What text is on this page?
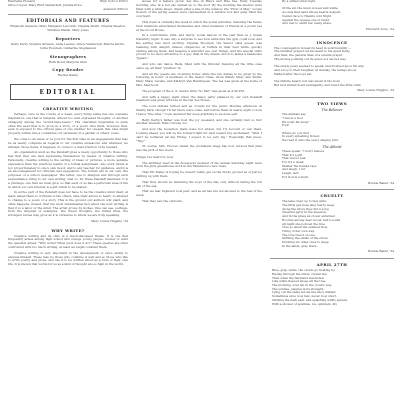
Henrietta Howard	High School Editor
Olive Cooper, Mary Ruth Vanderhoff, Juanita Price
Assistant Editors
EDITORIALS AND FEATURES

Elizabeth Sessions, Mary Margaret Luscomb, Virginia Smith, Virginia Weedon, Winifred Marsh, Mary Jones

Reporters

Betty Perry, Virginia Grissom, Anne Lavene, Grace Vanderzell, Marcia Perrin, Lydia Fountain, Catherine Stephenson

Stenographers

Ruth Bond, Marjorie Ginn

Copy Reader

Rachel Dailey

EDITORIAL
CREATIVE WRITING

Perhaps, once in the course of a week, every living being has one supreme inspiration; one that is tempted, almost too well expressed thoughts, or another unhappily among the "would-have-beens." The cherished inspiration is quite often the seed that is to grow in a story, or a poem. One finds, however, that, even if exposed to the critical gaze of one another for oneself, this idea might properly wither, like a columbine cut carelessly in a garden of others' roses.

We come to an issue of Le Jour for the first time in an engagement that may be as nearly complete as regards to our creative endeavors; and whatever we attempt, those items, it happens, do come to a mere fraction of its readers.

An organization such as the Penstaff gives a ready opportunity to those who feel that they are best expressing themselves by means of creative writing. Personally, creative writing is the setting of ideas or pictures, a more genuine expression than the practical results of a formal assignment. Any work which is not proportionately to one's own mood, and to any teacher for guidance, and it is an encouragement for criticism and suggestion. The former aid in our own, the purposes of a school newspaper. The latter, one to sharpen and through such acquaintance bring to our own writing. And so, for these Penstaff members, it is a privilege, one that we must give, so that each of us has a particular area of life in which our own interest is a gift which to be shared.

In active part of the Penstaff does not have to be the creative mind itself, at least; asked them to criticism of the others, take their advice to heart, to attempt to change to a poem or a story. This is the ground our authors will plant, and often happens, indeed, that the most fundamental fact about the best writing is that it is a labor of the mind. The artist grows by inches. One can see, perhaps, from the simplest of examples. The truest thoughts, the fullest lines, the strongest verses may grow as it is ourselves to whom we are truly speaking.

Mary Louise Higgins, '34

WHY WRITE?

Creative writing and its club, is a much-discussed theme. It is one that frequently arises among high school and college young people. Sooner or later the question arises: "Why write? What good does it do?" These queries are often confronted with too much writing, at least we might consider them.

Creative writing is very important in the development of one's ability to express himself. These may be those who combine it well and so those who like to write poetry and prose, and use it to be written about as a form of their own life. It is known that words for us as a kind of thought are so high in the world.

issues for a feature picnic day like in Pike's and Pine has. Early Tuesday morning, she, in a red car, leaned up to the door. By the morning the shelves were filled with a white sheet, drawn after a line in the window, the "First of May." Lovely flowers of the spring season were represented in a window box and gaily filled the courtyard.

This week is certainly the week in which the social activities. Saturday the Penny Club members entertained themselves and other members of friends at a picnic tea at the Scout House.

In a comfortable, kind, and merry, social dances of the year that Le J, Greek fraternity night. It was only a surprise to see how attractive the gym could look, and the setting was most exciting. Virginia Woodson, the Senior class queen, was beaming with delight; indeed, chaperons, at buffets in their best white, quickly visiting among them, and keeping a watchful eye over things. And the special visits proved to be more attractive to a guy than in the dream, much to ladies a handsome "jigsaw."

And who can dance. Beds, filled with the ribbons! Dancing all the little ones came up, all their "pretties" in.

And all the guests are crowning honor while the ten dames to be given by the following in honor of members of the Senior Class. Gioia Walsh, Mary Ann Smith, Mary Shaw, Lavelle, and Kathryn Van Benthuysen. The tea was given at the home of Mrs. Sherwood.

The program of the A. K. Senior Girls "So Fair" was given at 4:30 P.M.

And with a happy night when the dance party planned by our own Penstaff members was given with tea at the Del Vee House.

The loud shrieks turned and as crowds for the picnic Monday afternoon at Shelby Park, though I'll bet there were some, and before them at nearly eight o'clock I had a "fine time." Cook declared her deep gratitude to be done earl.

Betty Kerby's father was host the joy weekend, and she certainly had so fun! Another student, Miss Conway, too.

And now the reception plans were not ended, but I'll recount or can them. Looking ahead, you will be the forward light for next week's big excitement. "Well, I can't be bothered all day Friday, I expect to be very big." Especially that piece, "Tiny."

Of course, Mrs. Hoover stated the prominent stage has now noticed that Juan was the pick of the event.

Things I've heard by now:

The fertilizer used in the flowerpots moment of the annual Saturday night were from the girls greenhouse work in the Fannimore's new class.

That Mr. Kelley is hoping he doesn't really get on the Dorky ground as of just be rattling up with them.

That they should be intending the boys of the Day only without taking the roll call of the sea.

That we fear Sigmund took part, and as all bad are not allowed to the rest of the week.

That they saw the cartoons.

By a slifted silver light.

Of the all, the moon is near and white,
As ones that sand whose hearts despair.
Cannot face to Haunts cold fright
Against the opaque one of night.
And rest to earth her ready alone.

Elizabeth Lane, '34

INNOCENCE
The congregation bowed its head in solid humility —
The minister prayed out his heart to his great Deity,
And then, the general lines of a solemn prayer,
The arches pointing out its quiet of a sacred way.

The empty pews seemed to speak, and frowned upon his way.
And a boy to their laughter, at Sunday, the beings stood,
Walked after the boys sat.

The Infinite heard, but was silent in the hour,
But God smiled down indulgently, and found the little child.

Mary Louise Higgins, '34

TWO VIEWS
The Believer
The animals say:
"I know a God
He is far far away"
Fool!

Where do you find
In every splashing flower,
We read it unto the every singing bird.
The Atheist
These speak: "I don't believe
That it's a gift
That God is real.
For it's a weak
Shelter the human rays
And laugh, I do!
Laugh, lad!
For God is a myth.

Bonnie Baker, '34

CRUELTY
The lake crept up to lazy arms
The little gay bees sing merry, keep
Along the shore they did a song
Cheerful party in the meadow.
And in the grass an clover entwined
Rooting among dear clover bud's sound
All night she noticed the true
True so smell the summer flow.
Tiring of her own way.
The true tree'd on one,
Skirting the stalks of the chore:
Plucking for other ones to sleep
In the lands, gray there.

Bonnie Baker, '34

APRIL 27TH
Blue, gray, white, the clouds go floating by,
Racing through the silver, crystal sky.
Then when the fairyland was listed,
Like white fleeced sheep all the tree,
The morning, ever far in the cloud's way.
The sunrise, playing in its strength.
Lying out the same across the sky's distant:
Sometimes slow, now fast, never, how short.
Striking the dark east, and splashing wildly spread,
With a shower of sparkles, ice, splinters, lily
